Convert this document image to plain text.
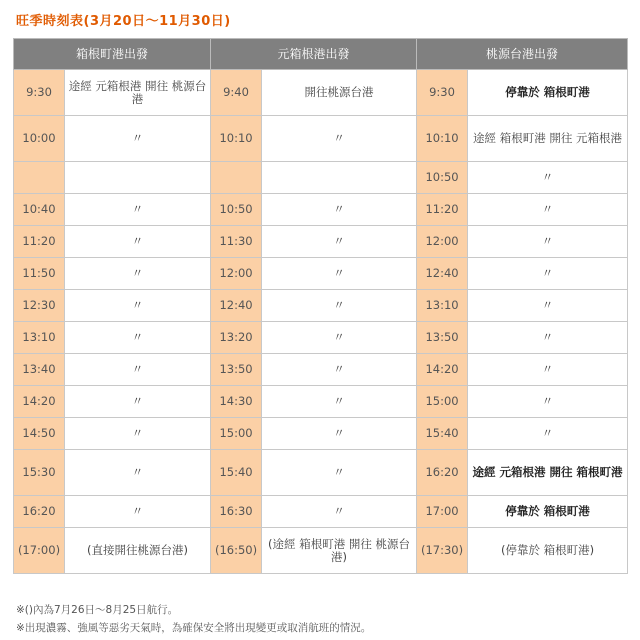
旺季時刻表(3月20日～11月30日)
箱根町港出發		元箱根港出發		桃源台港出發	
9:30	途經 元箱根港 開往 桃源台港	9:40	開往桃源台港	9:30	停靠於 箱根町港
10:00	〃	10:10	〃	10:10	途經 箱根町港 開往 元箱根港
				10:50	〃
10:40	〃	10:50	〃	11:20	〃
11:20	〃	11:30	〃	12:00	〃
11:50	〃	12:00	〃	12:40	〃
12:30	〃	12:40	〃	13:10	〃
13:10	〃	13:20	〃	13:50	〃
13:40	〃	13:50	〃	14:20	〃
14:20	〃	14:30	〃	15:00	〃
14:50	〃	15:00	〃	15:40	〃
15:30	〃	15:40	〃	16:20	途經 元箱根港 開往 箱根町港
16:20	〃	16:30	〃	17:00	停靠於 箱根町港
(17:00)	(直接開往桃源台港)	(16:50)	(途經 箱根町港 開往 桃源台港)	(17:30)	(停靠於 箱根町港)
※()內為7月26日～8月25日航行。
※出現濃霧、強風等惡劣天氣時，為確保安全將出現變更或取消航班的情況。
